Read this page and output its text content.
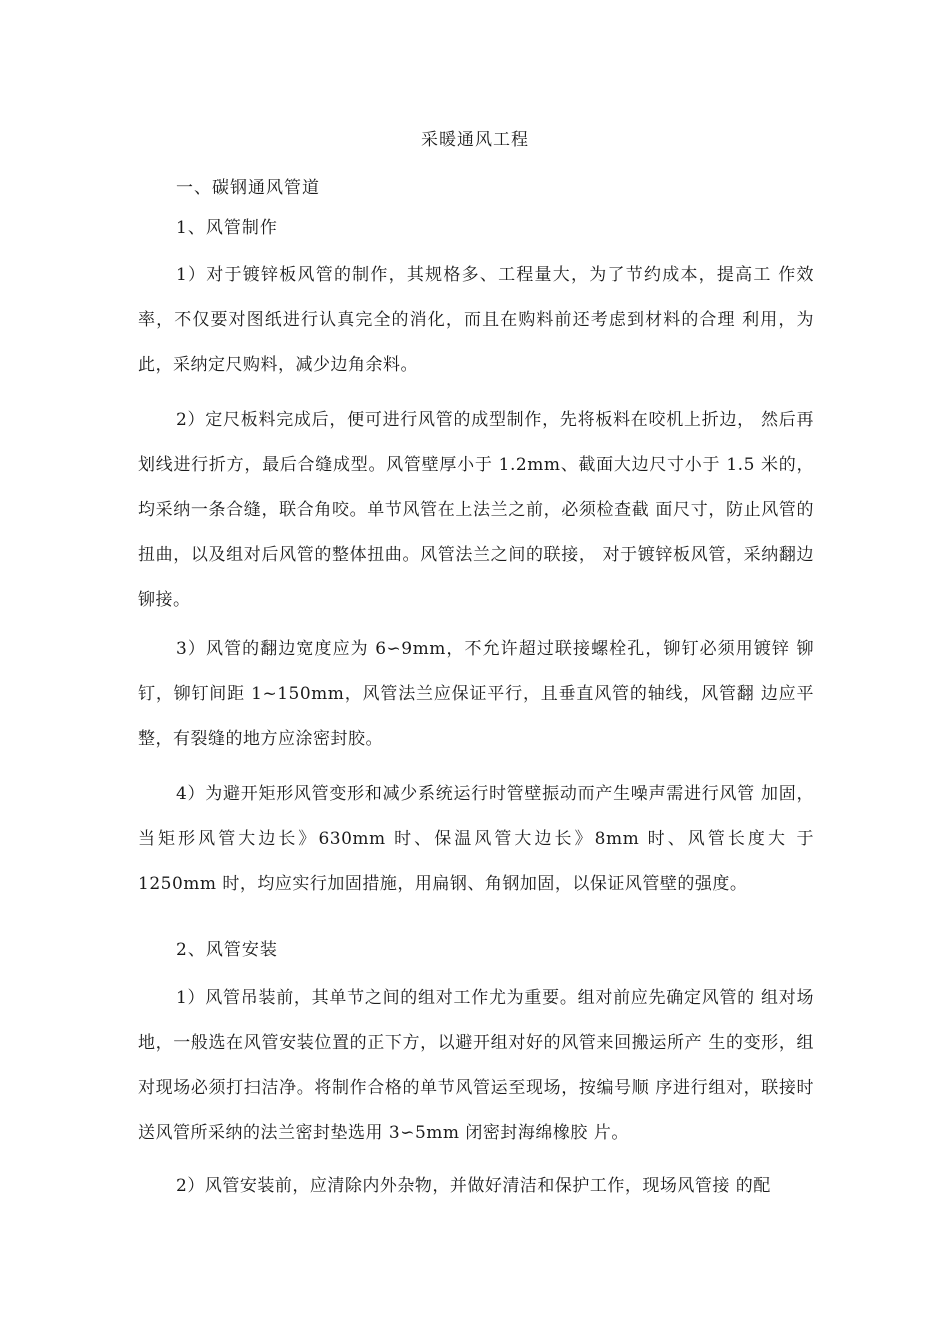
采暖通风工程
一、碳钢通风管道
1、风管制作
1）对于镀锌板风管的制作，其规格多、工程量大，为了节约成本，提高工 作效率，不仅要对图纸进行认真完全的消化，而且在购料前还考虑到材料的合理 利用，为此，采纳定尺购料，减少边角余料。
2）定尺板料完成后，便可进行风管的成型制作，先将板料在咬机上折边， 然后再划线进行折方，最后合缝成型。风管壁厚小于 1.2mm、截面大边尺寸小于 1.5 米的，均采纳一条合缝，联合角咬。单节风管在上法兰之前，必须检查截 面尺寸，防止风管的扭曲，以及组对后风管的整体扭曲。风管法兰之间的联接， 对于镀锌板风管，采纳翻边铆接。
3）风管的翻边宽度应为 6∽9mm，不允许超过联接螺栓孔，铆钉必须用镀锌 铆钉，铆钉间距 1~150mm，风管法兰应保证平行，且垂直风管的轴线，风管翻 边应平整，有裂缝的地方应涂密封胶。
4）为避开矩形风管变形和减少系统运行时管壁振动而产生噪声需进行风管 加固，当矩形风管大边长》630mm 时、保温风管大边长》8mm 时、风管长度大 于 1250mm 时，均应实行加固措施，用扁钢、角钢加固，以保证风管壁的强度。
2、风管安装
1）风管吊装前，其单节之间的组对工作尤为重要。组对前应先确定风管的 组对场地，一般选在风管安装位置的正下方，以避开组对好的风管来回搬运所产 生的变形，组对现场必须打扫洁净。将制作合格的单节风管运至现场，按编号顺 序进行组对，联接时送风管所采纳的法兰密封垫选用 3∽5mm 闭密封海绵橡胶 片。
2）风管安装前，应清除内外杂物，并做好清洁和保护工作，现场风管接 的配
